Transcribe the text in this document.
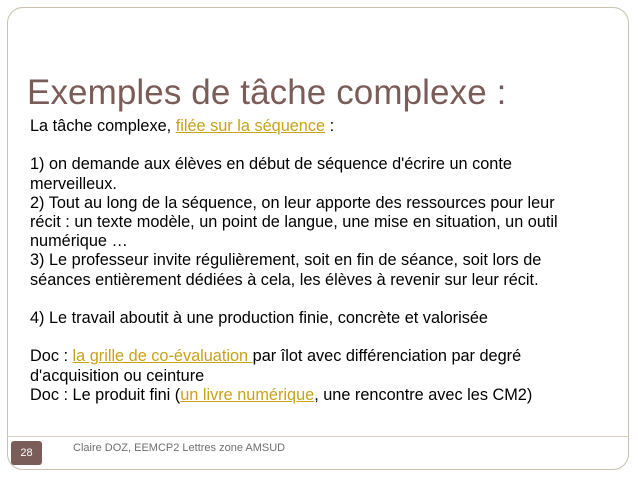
Exemples de tâche complexe :

La tâche complexe, filée sur la séquence :

1) on demande aux élèves en début de séquence d'écrire un conte

merveilleux.

2) Tout au long de la séquence, on leur apporte des ressources pour leur

récit : un texte modèle, un point de langue, une mise en situation, un outil

numérique …

3) Le professeur invite régulièrement, soit en fin de séance, soit lors de

séances entièrement dédiées à cela, les élèves à revenir sur leur récit.

4) Le travail aboutit à une production finie, concrète et valorisée

Doc : la grille de co-évaluation par îlot avec différenciation par degré

d'acquisition ou ceinture

Doc : Le produit fini (un livre numérique, une rencontre avec les CM2)

28	Claire DOZ, EEMCP2 Lettres zone AMSUD
